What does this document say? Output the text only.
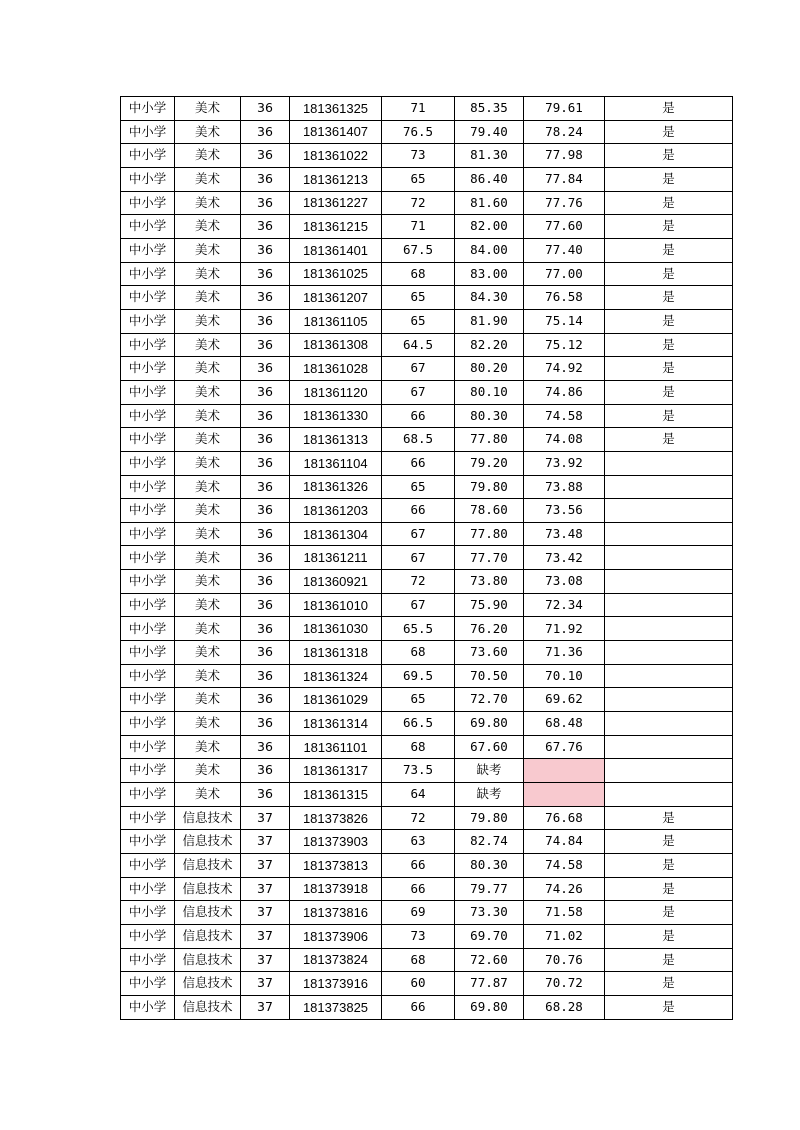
中小学	美术	36	181361325	71	85.35	79.61	是
中小学	美术	36	181361407	76.5	79.40	78.24	是
中小学	美术	36	181361022	73	81.30	77.98	是
中小学	美术	36	181361213	65	86.40	77.84	是
中小学	美术	36	181361227	72	81.60	77.76	是
中小学	美术	36	181361215	71	82.00	77.60	是
中小学	美术	36	181361401	67.5	84.00	77.40	是
中小学	美术	36	181361025	68	83.00	77.00	是
中小学	美术	36	181361207	65	84.30	76.58	是
中小学	美术	36	181361105	65	81.90	75.14	是
中小学	美术	36	181361308	64.5	82.20	75.12	是
中小学	美术	36	181361028	67	80.20	74.92	是
中小学	美术	36	181361120	67	80.10	74.86	是
中小学	美术	36	181361330	66	80.30	74.58	是
中小学	美术	36	181361313	68.5	77.80	74.08	是
中小学	美术	36	181361104	66	79.20	73.92	
中小学	美术	36	181361326	65	79.80	73.88	
中小学	美术	36	181361203	66	78.60	73.56	
中小学	美术	36	181361304	67	77.80	73.48	
中小学	美术	36	181361211	67	77.70	73.42	
中小学	美术	36	181360921	72	73.80	73.08	
中小学	美术	36	181361010	67	75.90	72.34	
中小学	美术	36	181361030	65.5	76.20	71.92	
中小学	美术	36	181361318	68	73.60	71.36	
中小学	美术	36	181361324	69.5	70.50	70.10	
中小学	美术	36	181361029	65	72.70	69.62	
中小学	美术	36	181361314	66.5	69.80	68.48	
中小学	美术	36	181361101	68	67.60	67.76	
中小学	美术	36	181361317	73.5	缺考		
中小学	美术	36	181361315	64	缺考		
中小学	信息技术	37	181373826	72	79.80	76.68	是
中小学	信息技术	37	181373903	63	82.74	74.84	是
中小学	信息技术	37	181373813	66	80.30	74.58	是
中小学	信息技术	37	181373918	66	79.77	74.26	是
中小学	信息技术	37	181373816	69	73.30	71.58	是
中小学	信息技术	37	181373906	73	69.70	71.02	是
中小学	信息技术	37	181373824	68	72.60	70.76	是
中小学	信息技术	37	181373916	60	77.87	70.72	是
中小学	信息技术	37	181373825	66	69.80	68.28	是
